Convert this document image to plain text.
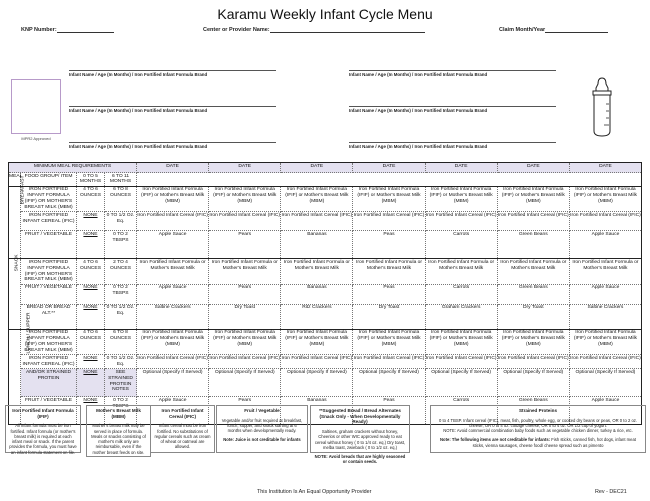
Karamu Weekly Infant Cycle Menu
KNP Number:	Center or Provider Name:	Claim Month/Year
Infant Name / Age (In Months) / Iron Fortified Infant Formula Brand
Infant Name / Age (In Months) / Iron Fortified Infant Formula Brand
Infant Name / Age (In Months) / Iron Fortified Infant Formula Brand
Infant Name / Age (In Months) / Iron Fortified Infant Formula Brand
Infant Name / Age (In Months) / Iron Fortified Infant Formula Brand
Infant Name / Age (In Months) / Iron Fortified Infant Formula Brand
MPR2 Approved
MINIMUM MEAL REQUIREMENTS				DATE	DATE	DATE	DATE	DATE	DATE	DATE
MEAL	FOOD GROUP/ ITEM	0 TO 5 MONTHS	6 TO 11 MONTHS							
BREAKFAST	IRON FORTIFIED INFANT FORMULA (IFIF) OR MOTHER'S BREAST MILK (MBM)	4 TO 6 OUNCES	6 TO 8 OUNCES	Iron Fortified Infant Formula (IFIF) or Mother's Breast Milk (MBM)	Iron Fortified Infant Formula (IFIF) or Mother's Breast Milk (MBM)	Iron Fortified Infant Formula (IFIF) or Mother's Breast Milk (MBM)	Iron Fortified Infant Formula (IFIF) or Mother's Breast Milk (MBM)	Iron Fortified Infant Formula (IFIF) or Mother's Breast Milk (MBM)	Iron Fortified Infant Formula (IFIF) or Mother's Breast Milk (MBM)	Iron Fortified Infant Formula (IFIF) or Mother's Breast Milk (MBM)
	IRON FORTIFIED INFANT CEREAL (IFIC)	NONE	0 TO 1/2 Oz. Eq.	Iron Fortified Infant Cereal (IFIC)	Iron Fortified Infant Cereal (IFIC)	Iron Fortified Infant Cereal (IFIC)	Iron Fortified Infant Cereal (IFIC)	Iron Fortified Infant Cereal (IFIC)	Iron Fortified Infant Cereal (IFIC)	Iron Fortified Infant Cereal (IFIC)
	FRUIT / VEGETABLE	NONE	0 TO 2 TBSPS	Apple Sauce	Pears	Bananas	Peas	Carrots	Green Beans	Apple Sauce
SNACK	IRON FORTIFIED INFANT FORMULA (IFIF) OR MOTHER'S BREAST MILK (MBM)	4 TO 6 OUNCES	2 TO 4 OUNCES	Iron Fortified Infant Formula or Mother's Breast Milk	Iron Fortified Infant Formula or Mother's Breast Milk	Iron Fortified Infant Formula or Mother's Breast Milk	Iron Fortified Infant Formula or Mother's Breast Milk	Iron Fortified Infant Formula or Mother's Breast Milk	Iron Fortified Infant Formula or Mother's Breast Milk	Iron Fortified Infant Formula or Mother's Breast Milk
	FRUIT / VEGETABLE	NONE	0 TO 2 TBSPS	Apple Sauce	Pears	Bananas	Peas	Carrots	Green Beans	Apple Sauce
	BREAD OR BREAD ALT.**	NONE	0 TO 1/2 Oz. Eq.	Saltine Crackers	Dry Toast	Ritz Crackers	Dry Toast	Graham Crackers	Dry Toast	Saltine Crackers
LUNCH / SUPPER	IRON FORTIFIED INFANT FORMULA (IFIF) OR MOTHER'S BREAST MILK (MBM)	4 TO 6 OUNCES	6 TO 8 OUNCES	Iron Fortified Infant Formula (IFIF) or Mother's Breast Milk (MBM)	Iron Fortified Infant Formula (IFIF) or Mother's Breast Milk (MBM)	Iron Fortified Infant Formula (IFIF) or Mother's Breast Milk (MBM)	Iron Fortified Infant Formula (IFIF) or Mother's Breast Milk (MBM)	Iron Fortified Infant Formula (IFIF) or Mother's Breast Milk (MBM)	Iron Fortified Infant Formula (IFIF) or Mother's Breast Milk (MBM)	Iron Fortified Infant Formula (IFIF) or Mother's Breast Milk (MBM)
	IRON FORTIFIED INFANT CEREAL (IFIC)	NONE	0 TO 1/2 Oz. Eq.	Iron Fortified Infant Cereal (IFIC)	Iron Fortified Infant Cereal (IFIC)	Iron Fortified Infant Cereal (IFIC)	Iron Fortified Infant Cereal (IFIC)	Iron Fortified Infant Cereal (IFIC)	Iron Fortified Infant Cereal (IFIC)	Iron Fortified Infant Cereal (IFIC)
	AND/OR STRAINED PROTEIN	NONE	SEE STRAINED PROTEIN NOTES	Optional (Specify If Served)	Optional (Specify If Served)	Optional (Specify If Served)	Optional (Specify If Served)	Optional (Specify If Served)	Optional (Specify If Served)	Optional (Specify If Served)
	FRUIT / VEGETABLE	NONE	0 TO 2 TBSPS	Apple Sauce	Pears	Bananas	Peas	Carrots	Green Beans	Apple Sauce
Iron Fortified Infant Formula (IFIF)

All infant formula must be iron fortified. Infant formula (or mother's breast milk) is required at each infant meal or snack. If the parent provides the formula, you must have an infant formula statement on file.

Mother's Breast Milk (MBM)

Mother's breast milk may be served in place of formula. Meals or snacks consisting of mother's milk only are reimbursable, even if the mother breast feeds on site.

Iron Fortified Infant Cereal (IFIC)

Infant cereal must be iron fortified. No substitutions of regular cereals such as cream of wheat or oatmeal are allowed.

Fruit / Vegetable

Vegetable and/or fruit required at breakfast, lunch, supper, and snack starting at 6 months when developmentally ready.

Note: Juice is not creditable for infants

**Suggested Bread / Bread Alternates (Snack Only - When Developmentally Ready)

Saltines, graham crackers without honey, Cheerios or other WIC approved ready to eat cereal without honey ( 0 to 1/4 oz. eq.) Dry toast, melba toast, zwieback ( 0 to 1/2 oz. eq.)

NOTE: Avoid breads that are highly seasoned or contain seeds.

Strained Proteins

0 to 4 TBSP. Infant cereal (IFIC), meat, fish, poultry, whole egg, or cooked dry beans or peas, OR 0 to 2 oz. cheese, OR 0 to 4 oz. cottage cheese, OR 0 to 4 oz. OR 1/2 cup of yogurt.

NOTE: Avoid commercial combination baby foods such as vegetable chicken dinner, turkey & rice, etc.

Note: The following items are not creditable for infants: Fish sticks, canned fish, hot dogs, infant meat sticks, vienna sausages, cheese food/ cheese spread such as pimento

This Institution Is An Equal Opportunity Provider	Rev - DEC21
